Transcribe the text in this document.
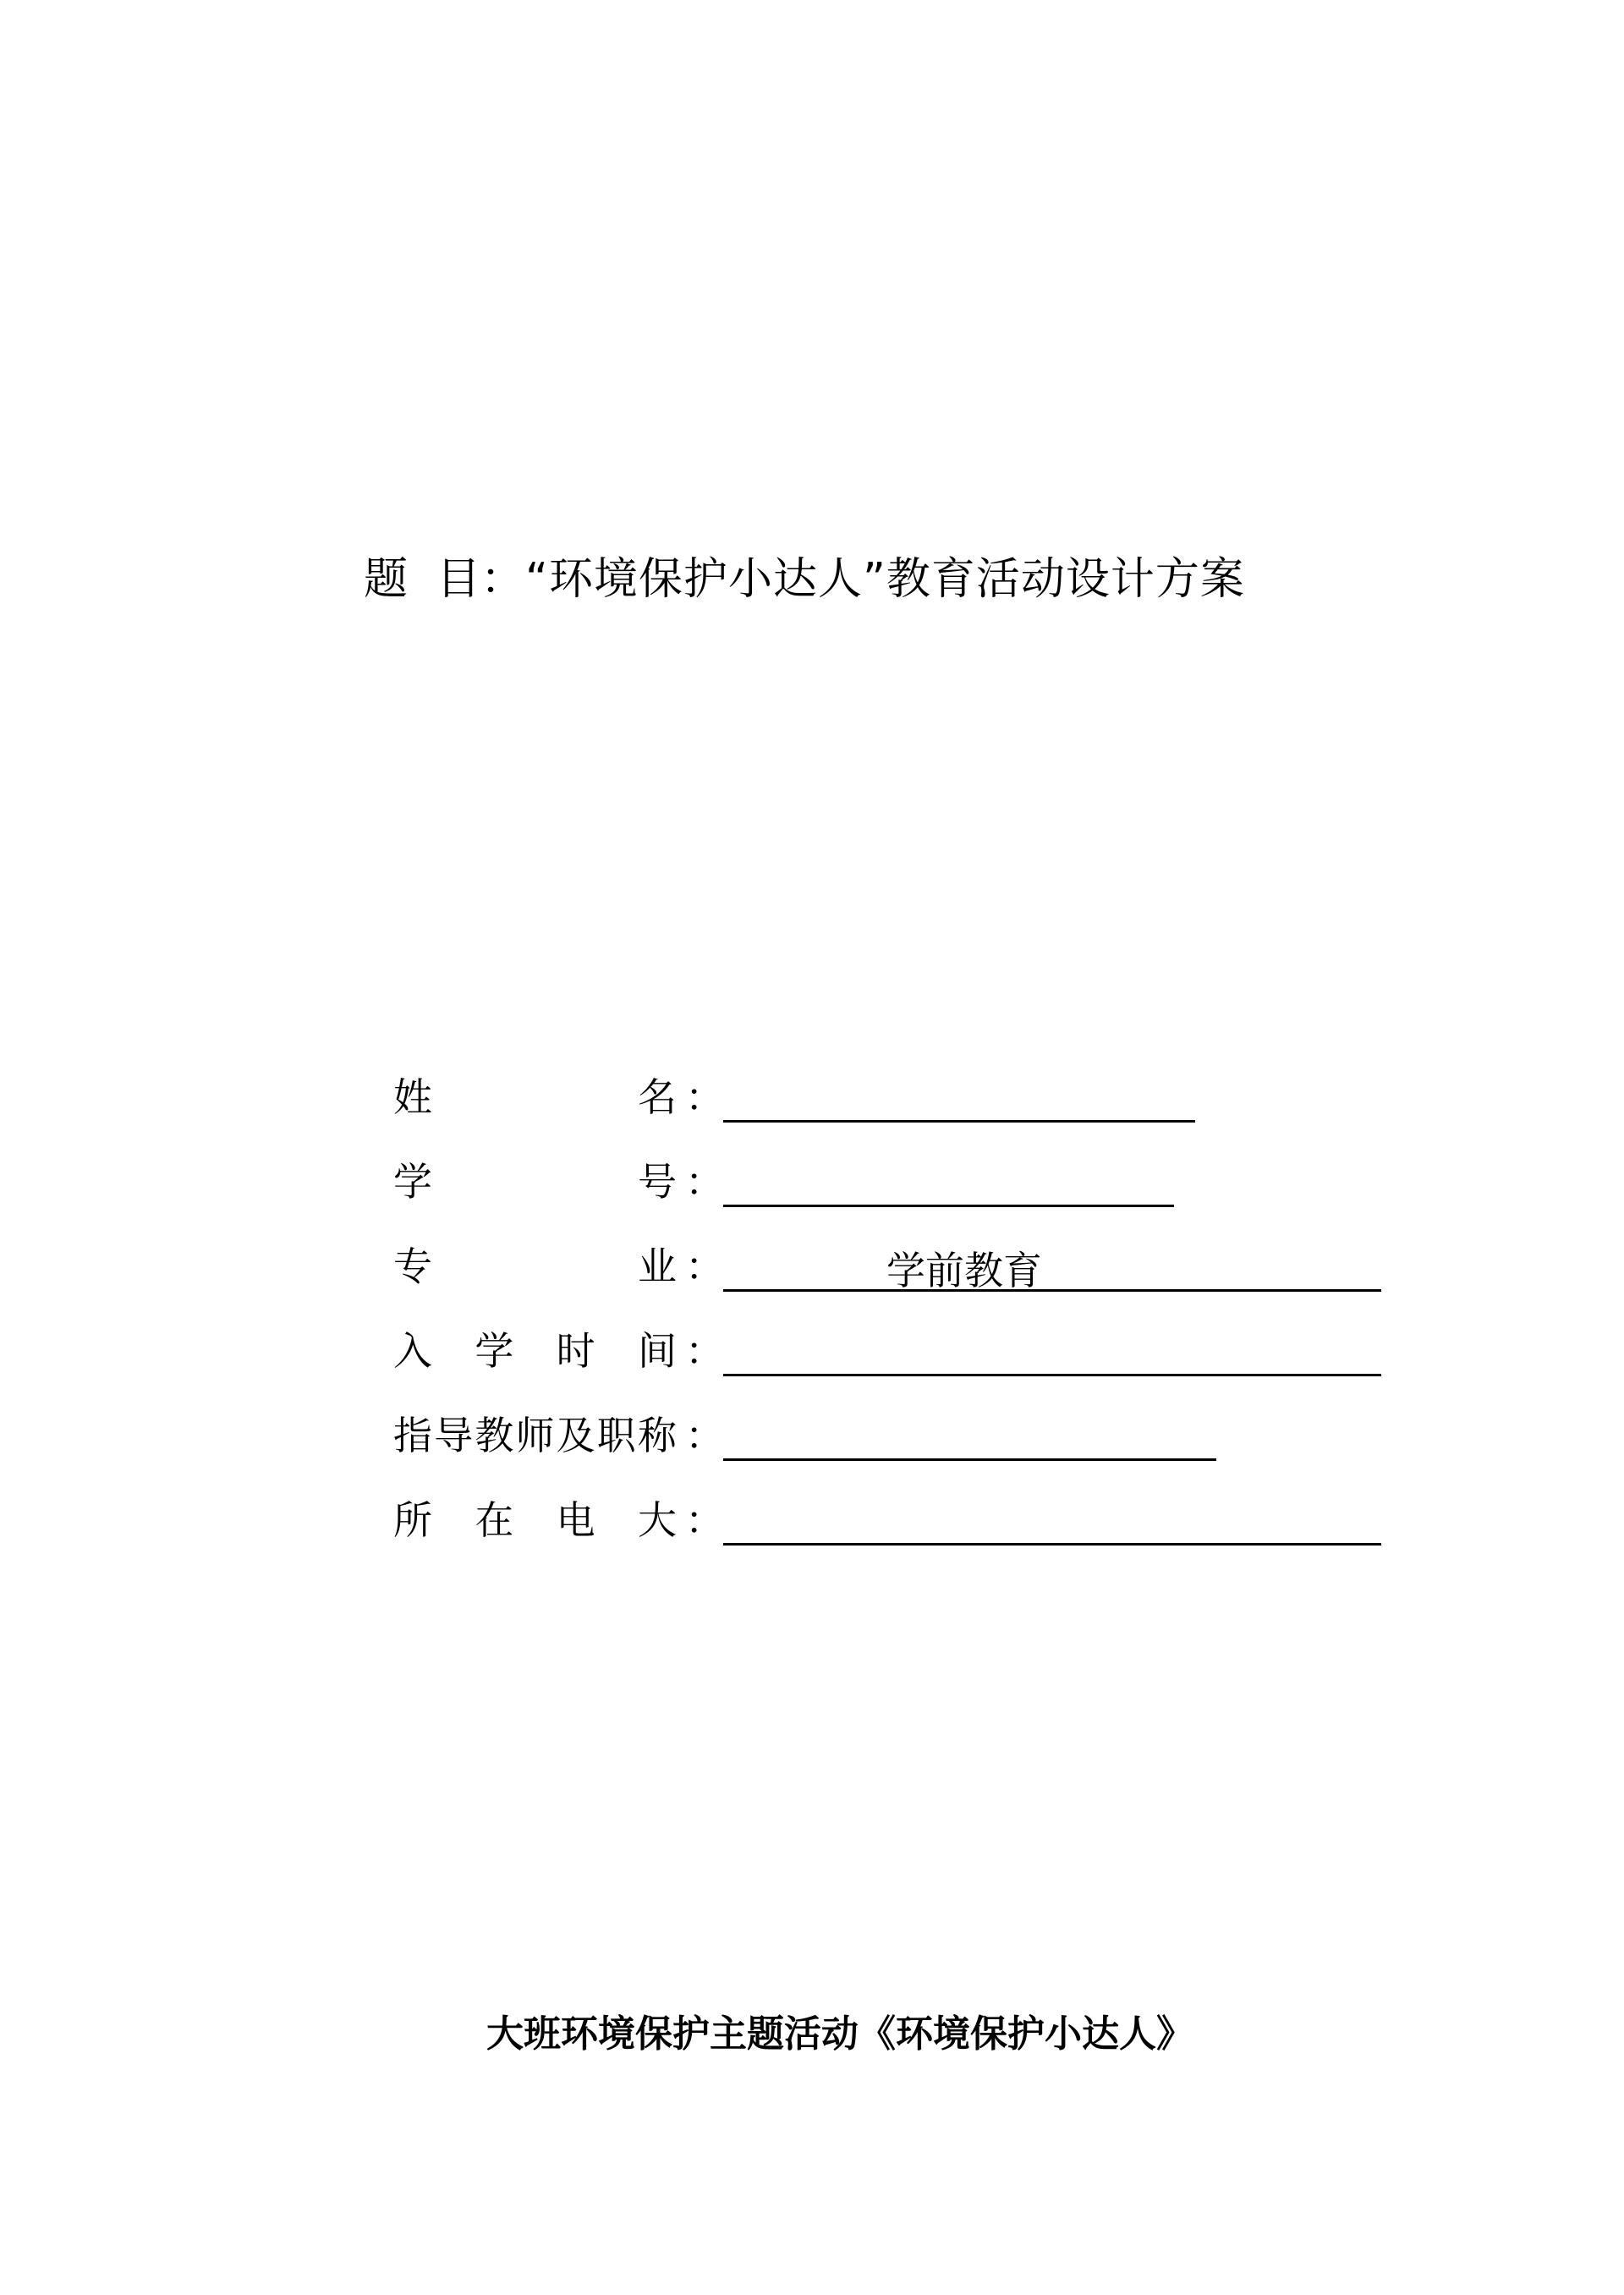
题目：“环境保护小达人”教育活动设计方案
姓	名 ：
学	号 ：
专	业 ：	学前教育
入 学 时 间 ：
指 导 教 师 及 职 称 ：
所 在 电 大 ：
大班环境保护主题活动《环境保护小达人》
